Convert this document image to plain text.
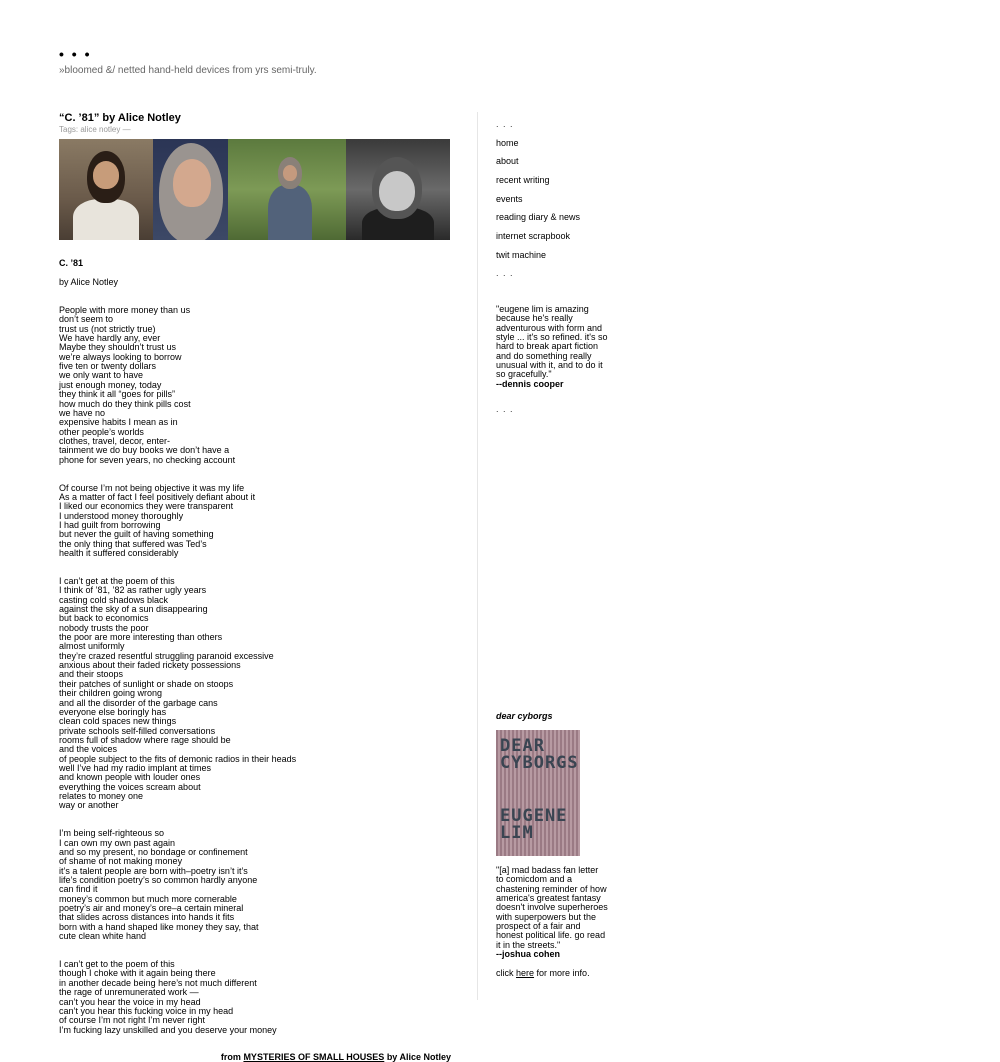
• • •
»bloomed &/ netted hand-held devices from yrs semi-truly.
“C. ’81” by Alice Notley
Tags: alice notley —

C. ’81

by Alice Notley

People with more money than us
don’t seem to
trust us (not strictly true)
We have hardly any, ever
Maybe they shouldn’t trust us
we’re always looking to borrow
five ten or twenty dollars
we only want to have
just enough money, today
they think it all “goes for pills”
how much do they think pills cost
we have no
expensive habits I mean as in
other people’s worlds
clothes, travel, decor, enter-
tainment we do buy books we don’t have a
phone for seven years, no checking account

Of course I’m not being objective it was my life
As a matter of fact I feel positively defiant about it
I liked our economics they were transparent
I understood money thoroughly
I had guilt from borrowing
but never the guilt of having something
the only thing that suffered was Ted’s
health it suffered considerably

I can’t get at the poem of this
I think of ’81, ’82 as rather ugly years
casting cold shadows black
against the sky of a sun disappearing
but back to economics
nobody trusts the poor
the poor are more interesting than others
almost uniformly
they’re crazed resentful struggling paranoid excessive
anxious about their faded rickety possessions
and their stoops
their patches of sunlight or shade on stoops
their children going wrong
and all the disorder of the garbage cans
everyone else boringly has
clean cold spaces new things
private schools self-filled conversations
rooms full of shadow where rage should be
and the voices
of people subject to the fits of demonic radios in their heads
well I’ve had my radio implant at times
and known people with louder ones
everything the voices scream about
relates to money one
way or another

I’m being self-righteous so
I can own my own past again
and so my present, no bondage or confinement
of shame of not making money
it’s a talent people are born with–poetry isn’t it’s
life’s condition poetry’s so common hardly anyone
can find it
money’s common but much more cornerable
poetry’s air and money’s ore–a certain mineral
that slides across distances into hands it fits
born with a hand shaped like money they say, that
cute clean white hand

I can’t get to the poem of this
though I choke with it again being there
in another decade being here’s not much different
the rage of unremunerated work —
can’t you hear the voice in my head
can’t you hear this fucking voice in my head
of course I’m not right I’m never right
I’m fucking lazy unskilled and you deserve your money

from MYSTERIES OF SMALL HOUSES by Alice Notley
. . .
home
about
recent writing
events
reading diary & news
internet scrapbook
twit machine
. . .
"eugene lim is amazing because he's really adventurous with form and style ... it's so refined. it's so hard to break apart fiction and do something really unusual with it, and to do it so gracefully."
--dennis cooper
. . .
dear cyborgs
DEAR CYBORGS
EUGENE LIM
"[a] mad badass fan letter to comicdom and a chastening reminder of how america's greatest fantasy doesn't involve superheroes with superpowers but the prospect of a fair and honest political life. go read it in the streets."
--joshua cohen
click here for more info.
